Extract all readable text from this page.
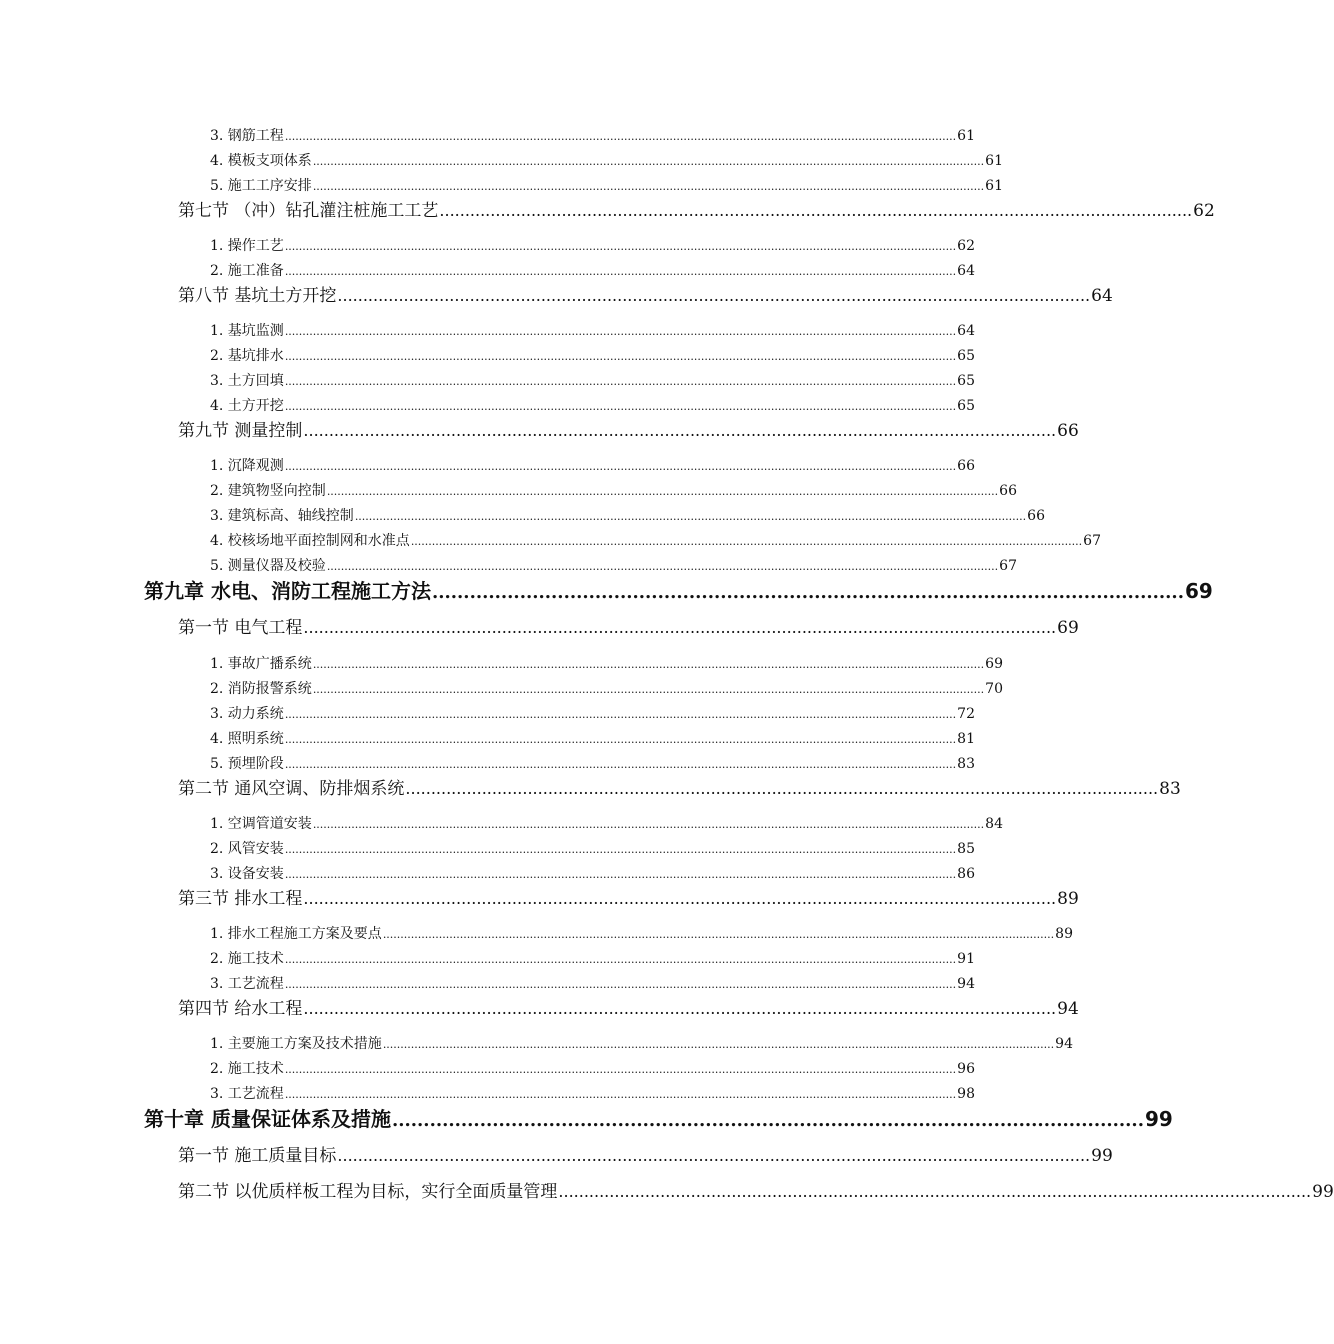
3. 钢筋工程 ................................................................................................................................................................................................ 61
4. 模板支项体系 ................................................................................................................................................................................................ 61
5. 施工工序安排 ................................................................................................................................................................................................ 61
第七节 （冲）钻孔灌注桩施工工艺 .................................................................................................................................................... 62
1. 操作工艺 ................................................................................................................................................................................................ 62
2. 施工准备 ................................................................................................................................................................................................ 64
第八节 基坑土方开挖 .................................................................................................................................................... 64
1. 基坑监测 ................................................................................................................................................................................................ 64
2. 基坑排水 ................................................................................................................................................................................................ 65
3. 土方回填 ................................................................................................................................................................................................ 65
4. 土方开挖 ................................................................................................................................................................................................ 65
第九节 测量控制 .................................................................................................................................................... 66
1. 沉降观测 ................................................................................................................................................................................................ 66
2. 建筑物竖向控制 ................................................................................................................................................................................................ 66
3. 建筑标高、轴线控制 ................................................................................................................................................................................................ 66
4. 校核场地平面控制网和水准点 ................................................................................................................................................................................................ 67
5. 测量仪器及校验 ................................................................................................................................................................................................ 67
第九章 水电、消防工程施工方法 ........................................................................................................................ 69
第一节 电气工程 .................................................................................................................................................... 69
1. 事故广播系统 ................................................................................................................................................................................................ 69
2. 消防报警系统 ................................................................................................................................................................................................ 70
3. 动力系统 ................................................................................................................................................................................................ 72
4. 照明系统 ................................................................................................................................................................................................ 81
5. 预埋阶段 ................................................................................................................................................................................................ 83
第二节 通风空调、防排烟系统 .................................................................................................................................................... 83
1. 空调管道安装 ................................................................................................................................................................................................ 84
2. 风管安装 ................................................................................................................................................................................................ 85
3. 设备安装 ................................................................................................................................................................................................ 86
第三节 排水工程 .................................................................................................................................................... 89
1. 排水工程施工方案及要点 ................................................................................................................................................................................................ 89
2. 施工技术 ................................................................................................................................................................................................ 91
3. 工艺流程 ................................................................................................................................................................................................ 94
第四节 给水工程 .................................................................................................................................................... 94
1. 主要施工方案及技术措施 ................................................................................................................................................................................................ 94
2. 施工技术 ................................................................................................................................................................................................ 96
3. 工艺流程 ................................................................................................................................................................................................ 98
第十章 质量保证体系及措施 ........................................................................................................................ 99
第一节 施工质量目标 .................................................................................................................................................... 99
第二节 以优质样板工程为目标，实行全面质量管理 .................................................................................................................................................... 99
